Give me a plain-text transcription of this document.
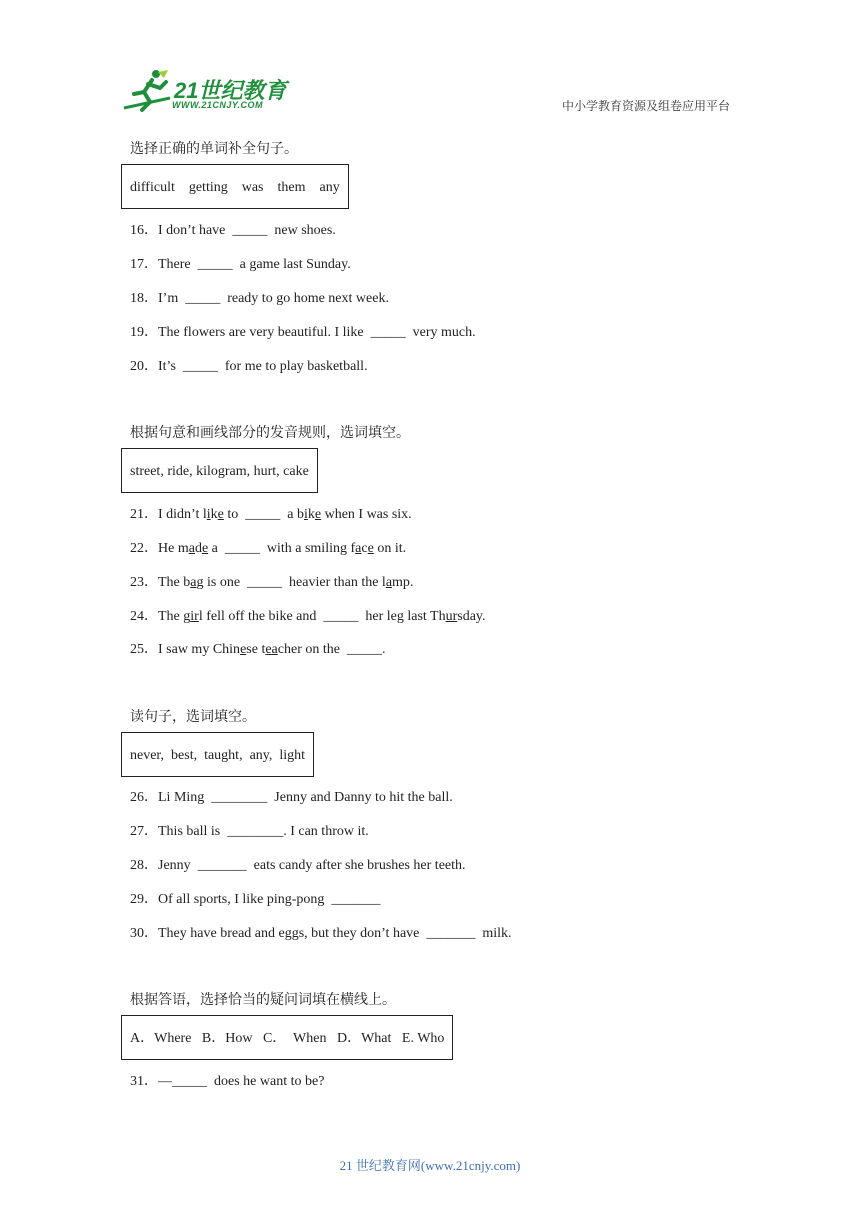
21世纪教育
WWW.21CNJY.COM	中小学教育资源及组卷应用平台
选择正确的单词补全句子。
difficult    getting    was    them    any
16．I don’t have  _____  new shoes.
17．There  _____  a game last Sunday.
18．I’m  _____  ready to go home next week.
19．The flowers are very beautiful. I like  _____  very much.
20．It’s  _____  for me to play basketball.
根据句意和画线部分的发音规则，选词填空。
street, ride, kilogram, hurt, cake
21．I didn’t like to  _____  a bike when I was six.
22．He made a  _____  with a smiling face on it.
23．The bag is one  _____  heavier than the lamp.
24．The girl fell off the bike and  _____  her leg last Thursday.
25．I saw my Chinese teacher on the  _____.
读句子，选词填空。
never,  best,  taught,  any,  light
26．Li Ming  ________  Jenny and Danny to hit the ball.
27．This ball is  ________. I can throw it.
28．Jenny  _______  eats candy after she brushes her teeth.
29．Of all sports, I like ping-pong  _______
30．They have bread and eggs, but they don’t have  _______  milk.
根据答语，选择恰当的疑问词填在横线上。
A．Where   B．How   C．  When   D．What   E. Who
31．—_____  does he want to be?
21 世纪教育网(www.21cnjy.com)
